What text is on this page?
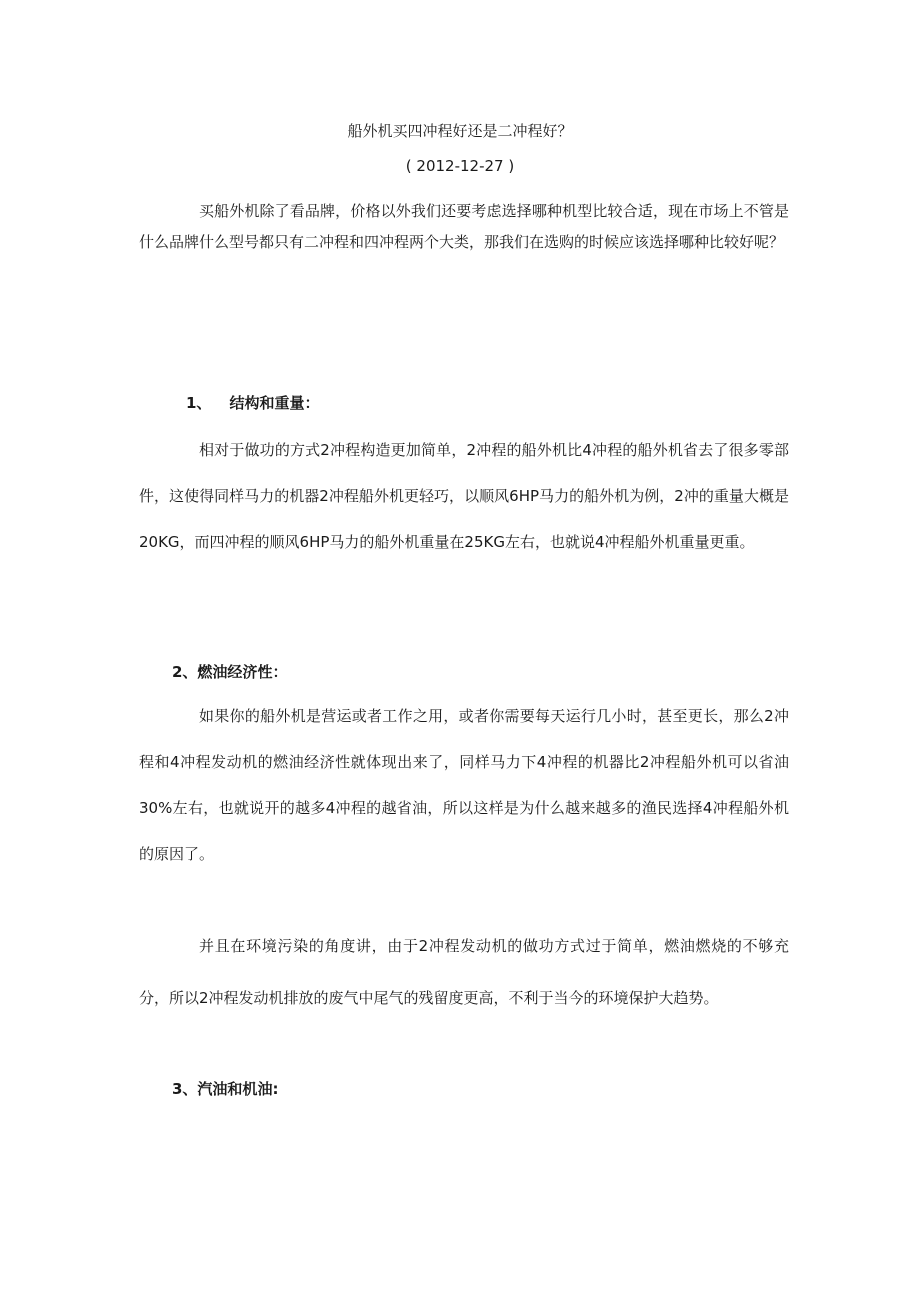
船外机买四冲程好还是二冲程好？
( 2012-12-27 )

买船外机除了看品牌，价格以外我们还要考虑选择哪种机型比较合适，现在市场上不管是什么品牌什么型号都只有二冲程和四冲程两个大类，那我们在选购的时候应该选择哪种比较好呢？

1、 结构和重量：

相对于做功的方式2冲程构造更加简单，2冲程的船外机比4冲程的船外机省去了很多零部件，这使得同样马力的机器2冲程船外机更轻巧，以顺风6HP马力的船外机为例，2冲的重量大概是20KG，而四冲程的顺风6HP马力的船外机重量在25KG左右，也就说4冲程船外机重量更重。

2、燃油经济性：

如果你的船外机是营运或者工作之用，或者你需要每天运行几小时，甚至更长，那么2冲程和4冲程发动机的燃油经济性就体现出来了，同样马力下4冲程的机器比2冲程船外机可以省油30%左右，也就说开的越多4冲程的越省油，所以这样是为什么越来越多的渔民选择4冲程船外机的原因了。

并且在环境污染的角度讲，由于2冲程发动机的做功方式过于简单，燃油燃烧的不够充分，所以2冲程发动机排放的废气中尾气的残留度更高，不利于当今的环境保护大趋势。

3、汽油和机油:
